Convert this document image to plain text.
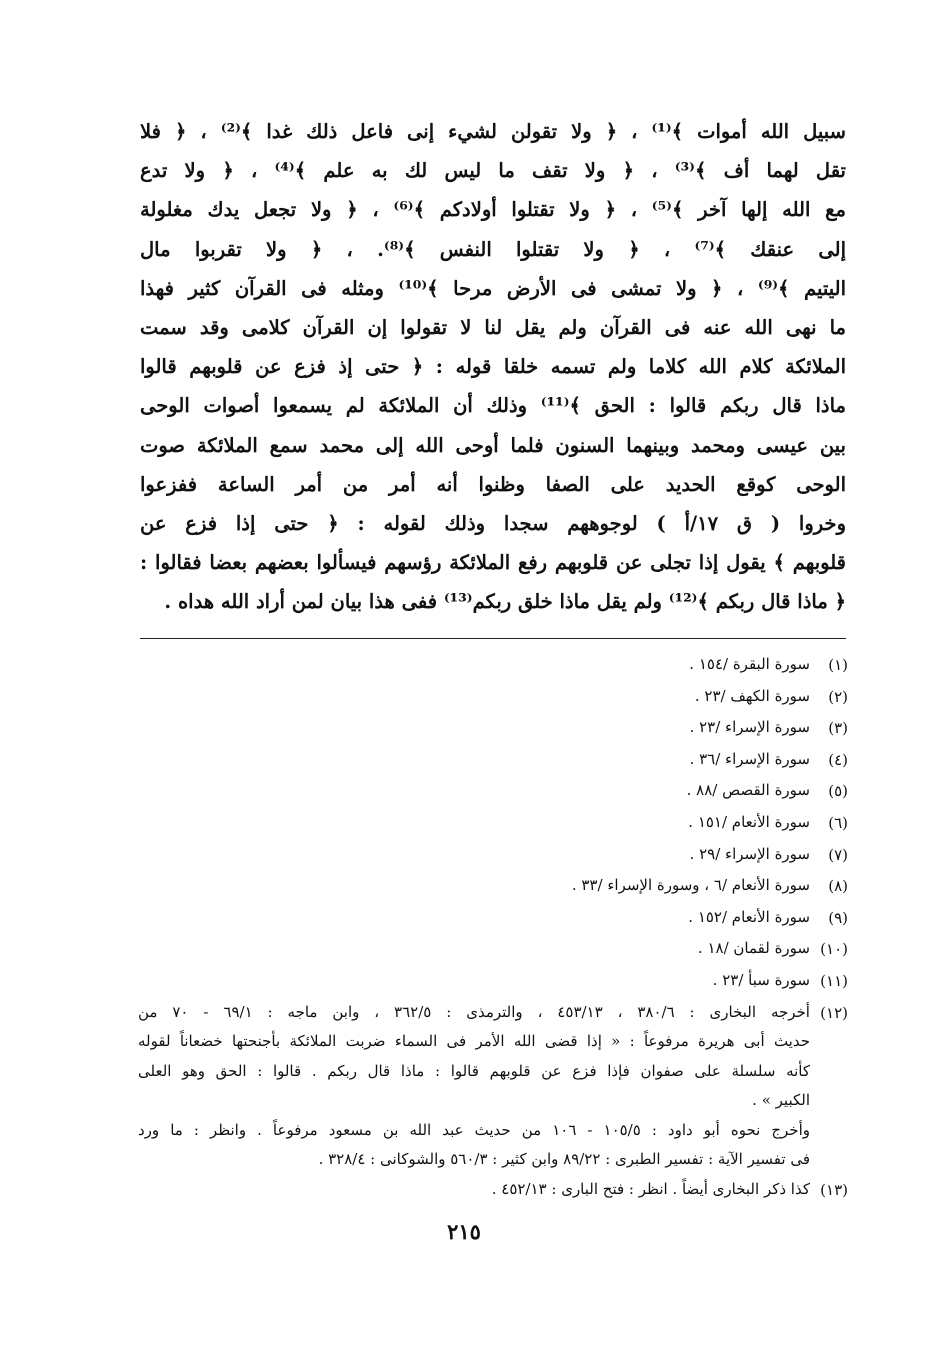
سبيل الله أموات ﴾⁽¹⁾ ، ﴿ ولا تقولن لشيء إنى فاعل ذلك غدا ﴾⁽²⁾ ، ﴿ فلا
تقل لهما أف ﴾⁽³⁾ ، ﴿ ولا تقف ما ليس لك به علم ﴾⁽⁴⁾ ، ﴿ ولا تدع
مع الله إلها آخر ﴾⁽⁵⁾ ، ﴿ ولا تقتلوا أولادكم ﴾⁽⁶⁾ ، ﴿ ولا تجعل يدك مغلولة
إلى عنقك ﴾⁽⁷⁾ ، ﴿ ولا تقتلوا النفس ﴾⁽⁸⁾. ، ﴿ ولا تقربوا مال
اليتيم ﴾⁽⁹⁾ ، ﴿ ولا تمشى فى الأرض مرحا ﴾⁽¹⁰⁾ ومثله فى القرآن كثير فهذا
ما نهى الله عنه فى القرآن ولم يقل لنا لا تقولوا إن القرآن كلامى وقد سمت
الملائكة كلام الله كلاما ولم تسمه خلقا قوله : ﴿ حتى إذ فزع عن قلوبهم قالوا
ماذا قال ربكم قالوا : الحق ﴾⁽¹¹⁾ وذلك أن الملائكة لم يسمعوا أصوات الوحى
بين عيسى ومحمد وبينهما السنون فلما أوحى الله إلى محمد سمع الملائكة صوت
الوحى كوقع الحديد على الصفا وظنوا أنه أمر من أمر الساعة ففزعوا
وخروا ( ق ١٧/أ ) لوجوههم سجدا وذلك لقوله : ﴿ حتى إذا فزع عن
قلوبهم ﴾ يقول إذا تجلى عن قلوبهم رفع الملائكة رؤسهم فيسألوا بعضهم بعضا فقالوا :
﴿ ماذا قال ربكم ﴾⁽¹²⁾ ولم يقل ماذا خلق ربكم⁽¹³⁾ ففى هذا بيان لمن أراد الله هداه .
(١)
سورة البقرة /١٥٤ .
(٢)
سورة الكهف /٢٣ .
(٣)
سورة الإسراء /٢٣ .
(٤)
سورة الإسراء /٣٦ .
(٥)
سورة القصص /٨٨ .
(٦)
سورة الأنعام /١٥١ .
(٧)
سورة الإسراء /٢٩ .
(٨)
سورة الأنعام /٦ ، وسورة الإسراء /٣٣ .
(٩)
سورة الأنعام /١٥٢ .
(١٠)
سورة لقمان /١٨ .
(١١)
سورة سبأ /٢٣ .
(١٢)
أخرجه البخارى : ٣٨٠/٦ ، ٤٥٣/١٣ ، والترمذى : ٣٦٢/٥ ، وابن ماجه : ٦٩/١ - ٧٠ من
حديث أبى هريرة مرفوعاً : « إذا قضى الله الأمر فى السماء ضربت الملائكة بأجنحتها خضعاناً لقوله
كأنه سلسلة على صفوان فإذا فزع عن قلوبهم قالوا : ماذا قال ربكم . قالوا : الحق وهو العلى
الكبير » .
وأخرج نحوه أبو داود : ١٠٥/٥ - ١٠٦ من حديث عبد الله بن مسعود مرفوعاً . وانظر : ما ورد
فى تفسير الآية : تفسير الطبرى : ٨٩/٢٢ وابن كثير : ٥٦٠/٣ والشوكانى : ٣٢٨/٤ .
(١٣)
كذا ذكر البخارى أيضاً . انظر : فتح البارى : ٤٥٢/١٣ .
٢١٥
